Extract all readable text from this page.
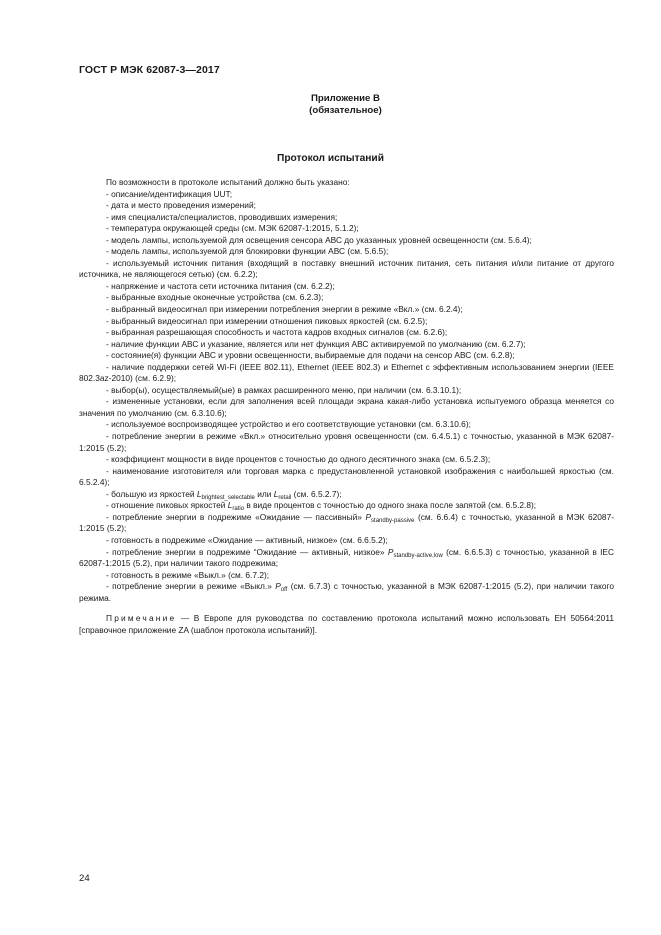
ГОСТ Р МЭК 62087-3—2017
Приложение В
(обязательное)
Протокол испытаний

По возможности в протоколе испытаний должно быть указано:

- описание/идентификация UUT;

- дата и место проведения измерений;

- имя специалиста/специалистов, проводивших измерения;

- температура окружающей среды (см. МЭК 62087-1:2015, 5.1.2);

- модель лампы, используемой для освещения сенсора АВС до указанных уровней освещенности (см. 5.6.4);

- модель лампы, используемой для блокировки функции АВС (см. 5.6.5);

- используемый источник питания (входящий в поставку внешний источник питания, сеть питания и/или питание от другого источника, не являющегося сетью) (см. 6.2.2);

- напряжение и частота сети источника питания (см. 6.2.2);

- выбранные входные оконечные устройства (см. 6.2.3);

- выбранный видеосигнал при измерении потребления энергии в режиме «Вкл.» (см. 6.2.4);

- выбранный видеосигнал при измерении отношения пиковых яркостей (см. 6.2.5);

- выбранная разрешающая способность и частота кадров входных сигналов (см. 6.2.6);

- наличие функции АВС и указание, является или нет функция АВС активируемой по умолчанию (см. 6.2.7);

- состояние(я) функции АВС и уровни освещенности, выбираемые для подачи на сенсор АВС (см. 6.2.8);

- наличие поддержки сетей Wi-Fi (IEEE 802.11), Ethernet (IEEE 802.3) и Ethernet с эффективным использованием энергии (IEEE 802.3az-2010) (см. 6.2.9);

- выбор(ы), осуществляемый(ые) в рамках расширенного меню, при наличии (см. 6.3.10.1);

- измененные установки, если для заполнения всей площади экрана какая-либо установка испытуемого образца меняется со значения по умолчанию (см. 6.3.10.6);

- используемое воспроизводящее устройство и его соответствующие установки (см. 6.3.10.6);

- потребление энергии в режиме «Вкл.» относительно уровня освещенности (см. 6.4.5.1) с точностью, указанной в МЭК 62087-1:2015 (5.2);

- коэффициент мощности в виде процентов с точностью до одного десятичного знака (см. 6.5.2.3);

- наименование изготовителя или торговая марка с предустановленной установкой изображения с наибольшей яркостью (см. 6.5.2.4);

- большую из яркостей $L_{brightest\_selectable}$ или $L_{retail}$ (см. 6.5.2.7);

- отношение пиковых яркостей $L_{ratio}$ в виде процентов с точностью до одного знака после запятой (см. 6.5.2.8);

- потребление энергии в подрежиме «Ожидание — пассивный» $P_{standby-passive}$ (см. 6.6.4) с точностью, указанной в МЭК 62087-1:2015 (5.2);

- готовность в подрежиме «Ожидание — активный, низкое» (см. 6.6.5.2);

- потребление энергии в подрежиме “Ожидание — активный, низкое» $P_{standby-active,low}$ (см. 6.6.5.3) с точностью, указанной в IEC 62087-1:2015 (5.2), при наличии такого подрежима;

- готовность в режиме «Выкл.» (см. 6.7.2);

- потребление энергии в режиме «Выкл.» $P_{off}$ (см. 6.7.3) с точностью, указанной в МЭК 62087-1:2015 (5.2), при наличии такого режима.

Примечание — В Европе для руководства по составлению протокола испытаний можно использовать ЕН 50564:2011 [справочное приложение ZA (шаблон протокола испытаний)].

24
